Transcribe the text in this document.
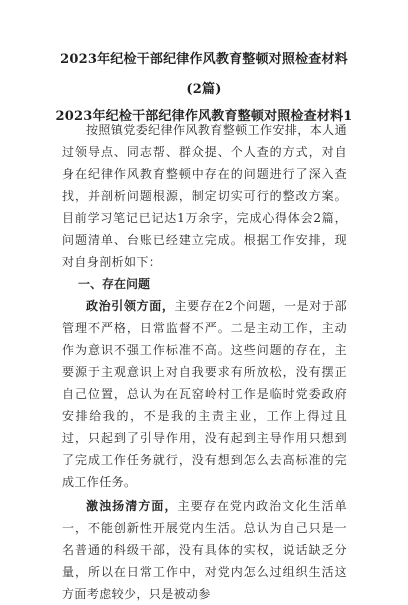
2023年纪检干部纪律作风教育整顿对照检查材料
(2篇)
2023年纪检干部纪律作风教育整顿对照检查材料1

按照镇党委纪律作风教育整顿工作安排，本人通过领导点、同志帮、群众提、个人查的方式，对自身在纪律作风教育整顿中存在的问题进行了深入查找，并剖析问题根源，制定切实可行的整改方案。目前学习笔记已记达1万余字，完成心得体会2篇，问题清单、台账已经建立完成。根据工作安排，现对自身剖析如下：

一、存在问题

政治引领方面，主要存在2个问题，一是对于部管理不严格，日常监督不严。二是主动工作，主动作为意识不强工作标准不高。这些问题的存在，主要源于主观意识上对自我要求有所放松，没有摆正自己位置，总认为在瓦窑岭村工作是临时党委政府安排给我的，不是我的主责主业，工作上得过且过，只起到了引导作用，没有起到主导作用只想到了完成工作任务就行，没有想到怎么去高标准的完成工作任务。

激浊扬清方面，主要存在党内政治文化生活单一，不能创新性开展党内生活。总认为自己只是一名普通的科级干部，没有具体的实权，说话缺乏分量，所以在日常工作中，对党内怎么过组织生活这方面考虑较少，只是被动参
